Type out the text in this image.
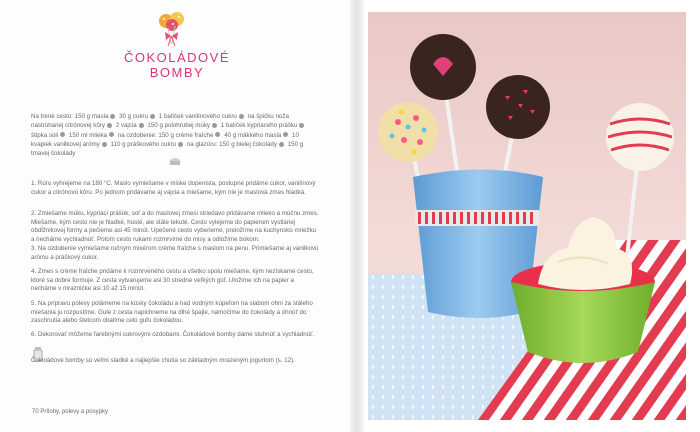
ČOKOLÁDOVÉ BOMBY
Na trené cesto: 150 g masla 30 g cukru 1 balíček vanilínového cukru na špičku noža nastrúhanej citrónovej kôry 2 vajcia 150 g polohrubej múky 1 balíček kypriaceho prášku štipka soli 150 ml mlieka na ozdobenie: 150 g crème fraîche 40 g mäkkého masla 10 kvapiek vanilkovej arómy 110 g práškového cukru na glazúru: 150 g bielej čokolády 150 g tmavej čokolády
1. Rúru vyhrejeme na 180 °C. Maslo vymiešame v miske dopenista, postupne pridáme cukor, vanilínový cukor a citrónovú kôru. Po jednom pridávame aj vajcia a miešame, kým nie je maslová zmes hladká.
2. Zmiešame múku, kypriaci prášok, soľ a do maslovej zmesi striedavo pridávame mlieko a múčnu zmes. Miešame, kým cesto nie je hladké, husté, ale stále tekuté. Cesto vylejeme do papierom vystlanej obdĺžnikovej formy a pečieme asi 45 minút. Upečené cesto vyberieme, preložíme na kuchynskú mriežku a necháme vychladnúť. Potom cesto rukami rozmrvíme do misy a odložíme bokom.
3. Na ozdobenie vymiešame ručným mixérom crème fraîche s maslom na penu. Primiešame aj vanilkovú arómu a práškový cukor.
4. Zmes s crème fraîche pridáme k rozmrveného cestu a všetko spolu miešame, kým nezískame cesto, ktoré sa dobre formuje. Z cesta vytvarujeme asi 30 stredne veľkých gúľ. Uložíme ich na papier a necháme v mrazničke asi 10 až 15 minút.
5. Na prípravu polevy polámeme na kúsky čokoládu a nad vodným kúpeľom na slabom ohni za stáleho miešania ju rozpustíme. Gule z cesta napichneme na dlhé špajle, namočíme do čokolády a ohnúť do zaschnutia alebo štetcom obalíme celú guľu čokoládou.
6. Dekorovať môžeme farebnými cukrovými ozdobami. Čokoládové bomby dáme stuhnúť a vychladnúť.
Čokoládové bomby sú veľmi sladké a najlepšie chutia so základným mrazeným jogurtom (s. 12).
70 Prílohy, polevy a posypky
